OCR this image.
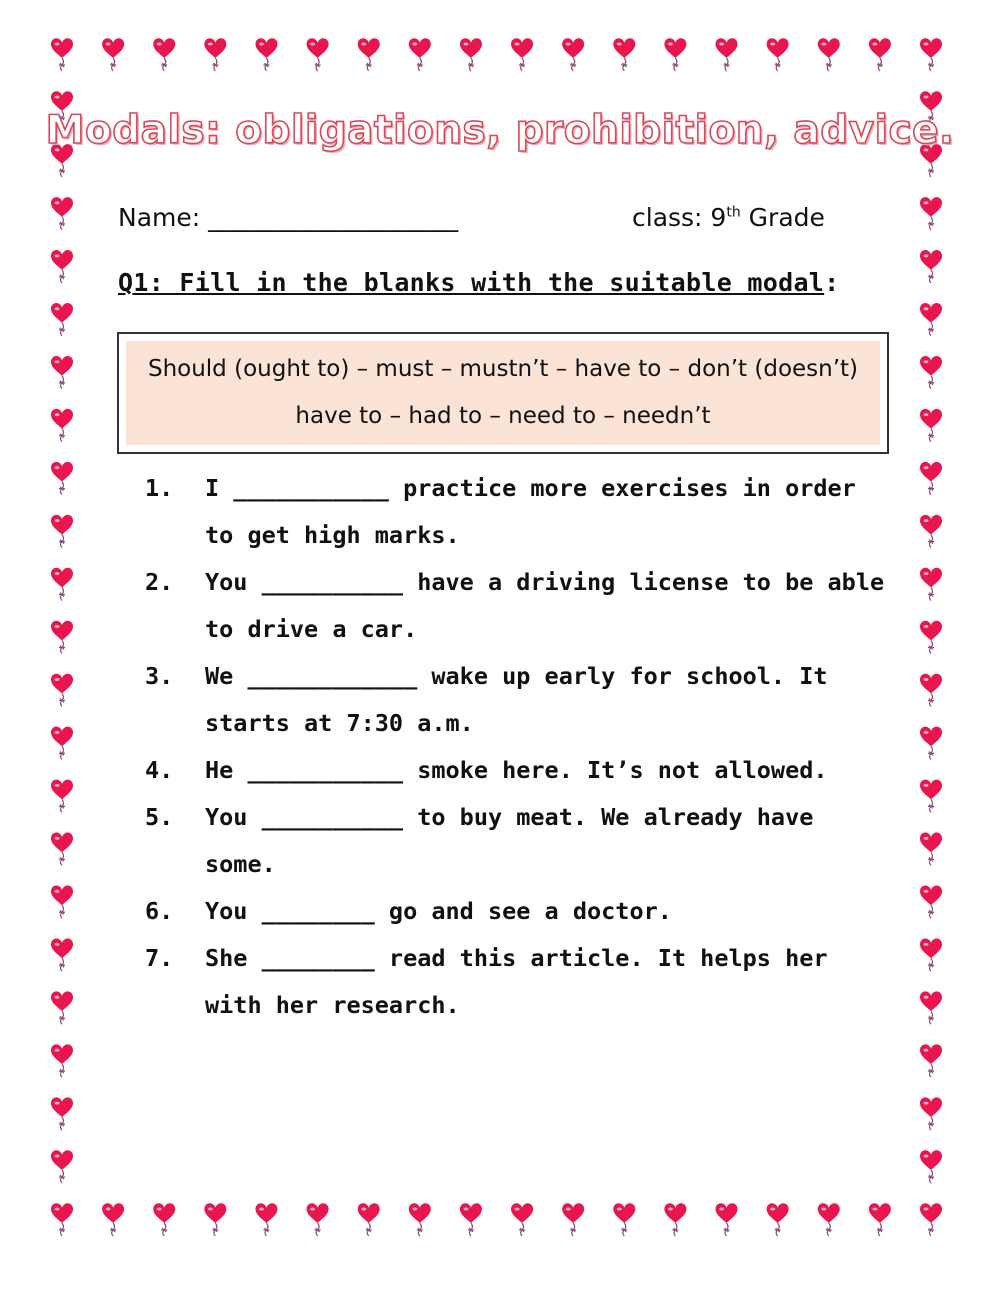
Modals: obligations, prohibition, advice.
Name: ____________________	class: 9th Grade
Q1: Fill in the blanks with the suitable modal:
Should (ought to) – must – mustn’t – have to – don’t (doesn’t) have to – had to – need to – needn’t
1.	I ___________ practice more exercises in order to get high marks.
2.	You __________ have a driving license to be able to drive a car.
3.	We ____________ wake up early for school. It starts at 7:30 a.m.
4.	He ___________ smoke here. It’s not allowed.
5.	You __________ to buy meat. We already have some.
6.	You ________ go and see a doctor.
7.	She ________ read this article. It helps her with her research.
